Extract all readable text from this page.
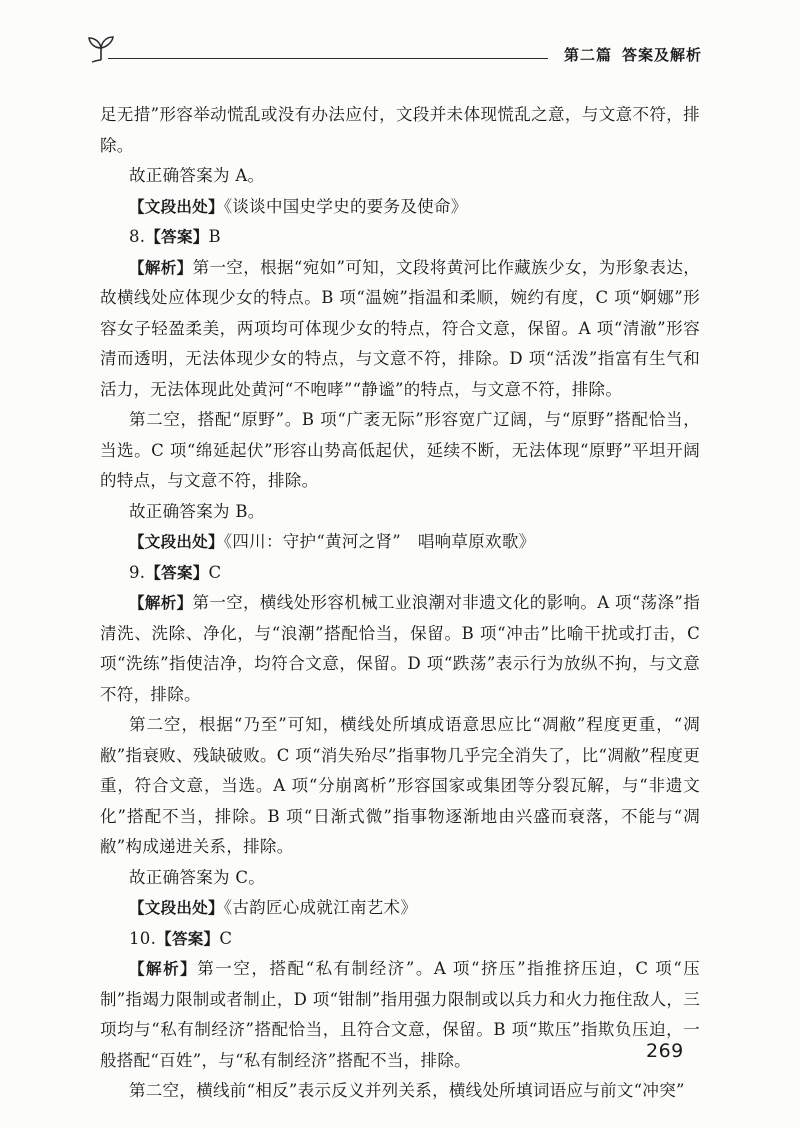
第二篇 答案及解析

足无措”形容举动慌乱或没有办法应付，文段并未体现慌乱之意，与文意不符，排除。

故正确答案为 A。

【文段出处】《谈谈中国史学史的要务及使命》

8.【答案】B

【解析】第一空，根据“宛如”可知，文段将黄河比作藏族少女，为形象表达，故横线处应体现少女的特点。B 项“温婉”指温和柔顺，婉约有度，C 项“婀娜”形容女子轻盈柔美，两项均可体现少女的特点，符合文意，保留。A 项“清澈”形容清而透明，无法体现少女的特点，与文意不符，排除。D 项“活泼”指富有生气和活力，无法体现此处黄河“不咆哮”“静谧”的特点，与文意不符，排除。

第二空，搭配“原野”。B 项“广袤无际”形容宽广辽阔，与“原野”搭配恰当，当选。C 项“绵延起伏”形容山势高低起伏，延续不断，无法体现“原野”平坦开阔的特点，与文意不符，排除。

故正确答案为 B。

【文段出处】《四川：守护“黄河之肾”　唱响草原欢歌》

9.【答案】C

【解析】第一空，横线处形容机械工业浪潮对非遗文化的影响。A 项“荡涤”指清洗、洗除、净化，与“浪潮”搭配恰当，保留。B 项“冲击”比喻干扰或打击，C 项“洗练”指使洁净，均符合文意，保留。D 项“跌荡”表示行为放纵不拘，与文意不符，排除。

第二空，根据“乃至”可知，横线处所填成语意思应比“凋敝”程度更重，“凋敝”指衰败、残缺破败。C 项“消失殆尽”指事物几乎完全消失了，比“凋敝”程度更重，符合文意，当选。A 项“分崩离析”形容国家或集团等分裂瓦解，与“非遗文化”搭配不当，排除。B 项“日渐式微”指事物逐渐地由兴盛而衰落，不能与“凋敝”构成递进关系，排除。

故正确答案为 C。

【文段出处】《古韵匠心成就江南艺术》

10.【答案】C

【解析】第一空，搭配“私有制经济”。A 项“挤压”指推挤压迫，C 项“压制”指竭力限制或者制止，D 项“钳制”指用强力限制或以兵力和火力拖住敌人，三项均与“私有制经济”搭配恰当，且符合文意，保留。B 项“欺压”指欺负压迫，一般搭配“百姓”，与“私有制经济”搭配不当，排除。

第二空，横线前“相反”表示反义并列关系，横线处所填词语应与前文“冲突”

269
